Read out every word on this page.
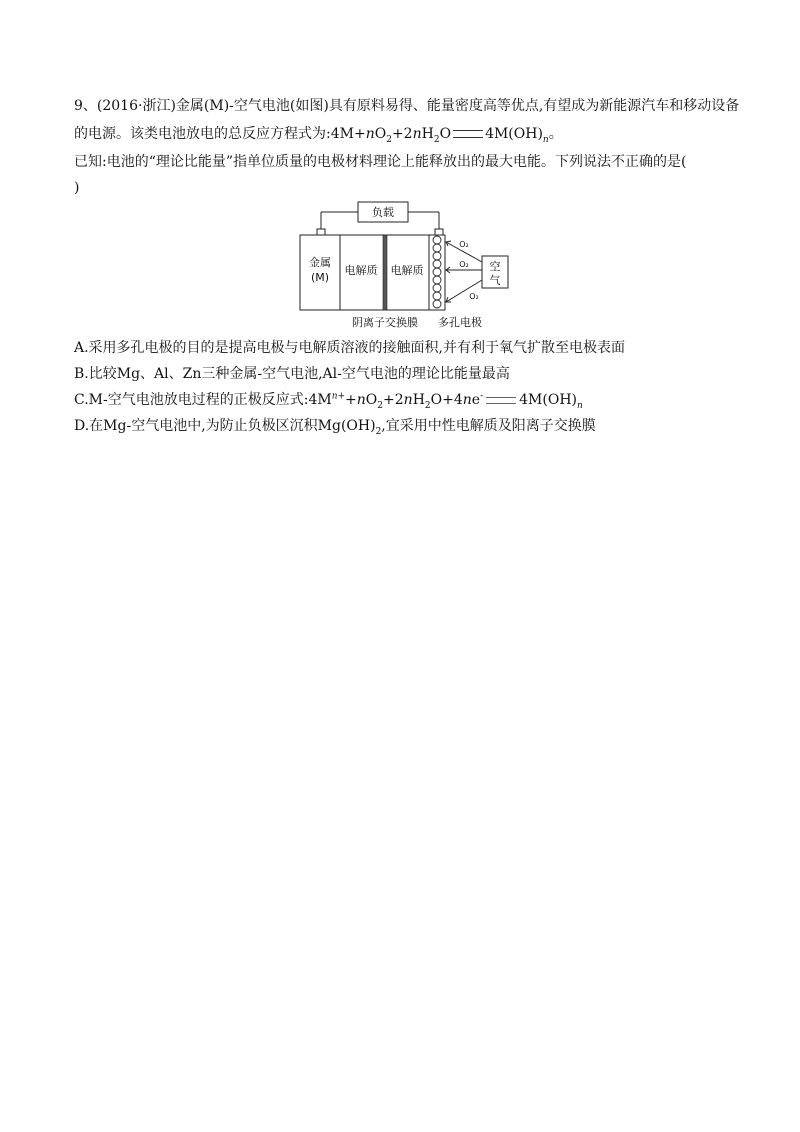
9、(2016·浙江)金属(M)-空气电池(如图)具有原料易得、能量密度高等优点,有望成为新能源汽车和移动设备
的电源。该类电池放电的总反应方程式为$:4M+nO_2+2nH_2O$ $4M(OH)_n$。
已知:电池的“理论比能量”指单位质量的电极材料理论上能释放出的最大电能。下列说法不正确的是(
)
负载
金属
(M)
电解质 电解质	空
气
O₂
O₂
O₂
阴离子交换膜 多孔电极
A.采用多孔电极的目的是提高电极与电解质溶液的接触面积,并有利于氧气扩散至电极表面
B.比较Mg、Al、Zn三种金属-空气电池,Al-空气电池的理论比能量最高
C.M-空气电池放电过程的正极反应式$:4M^{n+}+nO_2+2nH_2O+4ne^-$	$4M(OH)_n$
D.在Mg-空气电池中,为防止负极区沉积$Mg(OH)_2$,宜采用中性电解质及阳离子交换膜
